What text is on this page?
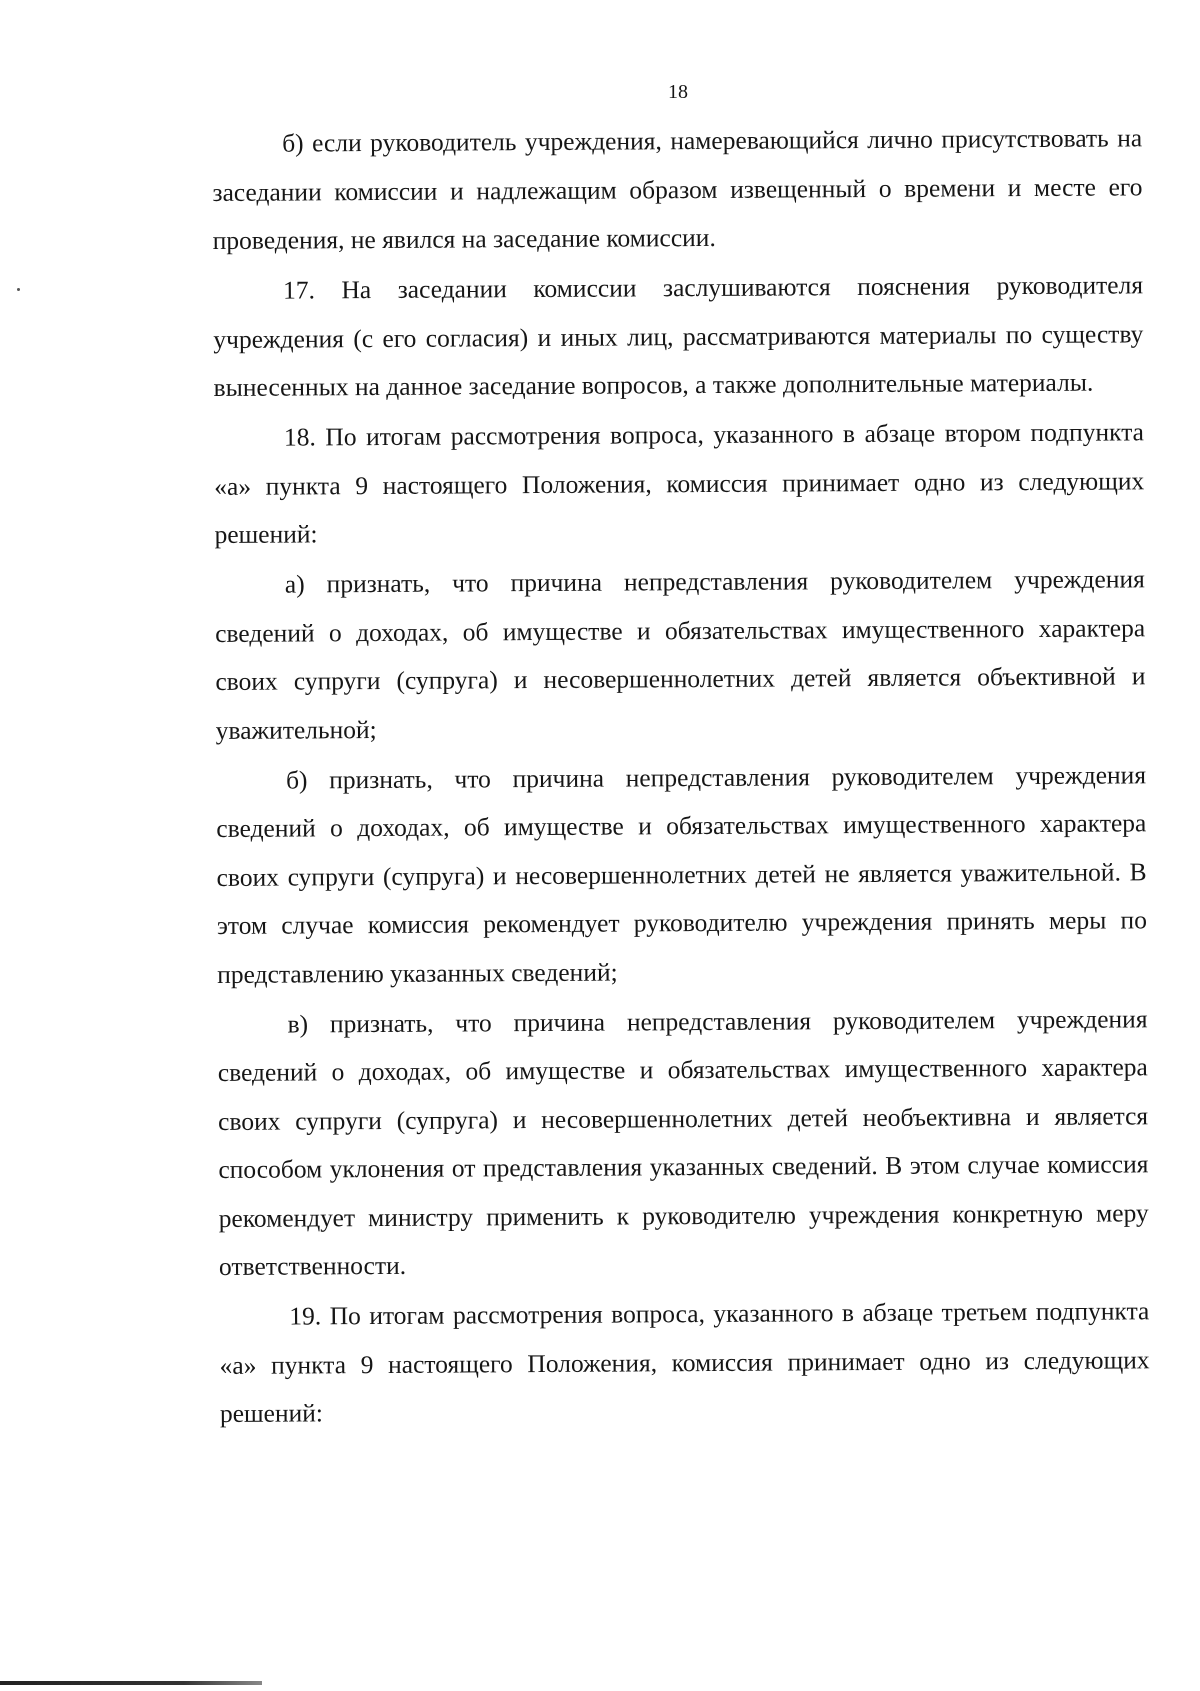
18

б) если руководитель учреждения, намеревающийся лично присутствовать на заседании комиссии и надлежащим образом извещенный о времени и месте его проведения, не явился на заседание комиссии.

17. На заседании комиссии заслушиваются пояснения руководителя учреждения (с его согласия) и иных лиц, рассматриваются материалы по существу вынесенных на данное заседание вопросов, а также дополнительные материалы.

18. По итогам рассмотрения вопроса, указанного в абзаце втором подпункта «а» пункта 9 настоящего Положения, комиссия принимает одно из следующих решений:

а) признать, что причина непредставления руководителем учреждения сведений о доходах, об имуществе и обязательствах имущественного характера своих супруги (супруга) и несовершеннолетних детей является объективной и уважительной;

б) признать, что причина непредставления руководителем учреждения сведений о доходах, об имуществе и обязательствах имущественного характера своих супруги (супруга) и несовершеннолетних детей не является уважительной. В этом случае комиссия рекомендует руководителю учреждения принять меры по представлению указанных сведений;

в) признать, что причина непредставления руководителем учреждения сведений о доходах, об имуществе и обязательствах имущественного характера своих супруги (супруга) и несовершеннолетних детей необъективна и является способом уклонения от представления указанных сведений. В этом случае комиссия рекомендует министру применить к руководителю учреждения конкретную меру ответственности.

19. По итогам рассмотрения вопроса, указанного в абзаце третьем подпункта «а» пункта 9 настоящего Положения, комиссия принимает одно из следующих решений:
